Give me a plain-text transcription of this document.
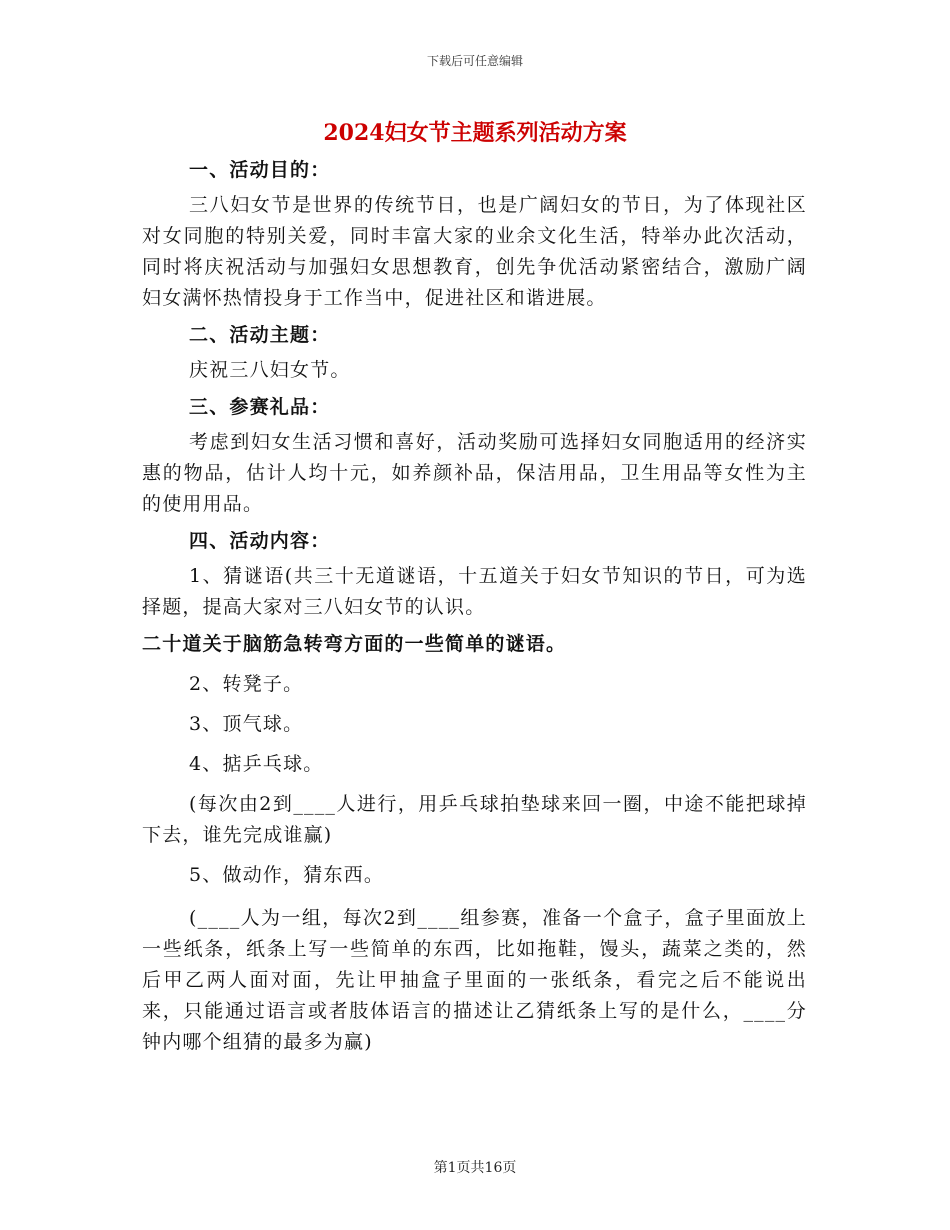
下载后可任意编辑
2024妇女节主题系列活动方案

一、活动目的：

三八妇女节是世界的传统节日，也是广阔妇女的节日，为了体现社区对女同胞的特别关爱，同时丰富大家的业余文化生活，特举办此次活动，同时将庆祝活动与加强妇女思想教育，创先争优活动紧密结合，激励广阔妇女满怀热情投身于工作当中，促进社区和谐进展。

二、活动主题：

庆祝三八妇女节。

三、参赛礼品：

考虑到妇女生活习惯和喜好，活动奖励可选择妇女同胞适用的经济实惠的物品，估计人均十元，如养颜补品，保洁用品，卫生用品等女性为主的使用用品。

四、活动内容：

1、猜谜语(共三十无道谜语，十五道关于妇女节知识的节日，可为选择题，提高大家对三八妇女节的认识。

二十道关于脑筋急转弯方面的一些简单的谜语。

2、转凳子。

3、顶气球。

4、掂乒乓球。

(每次由2到____人进行，用乒乓球拍垫球来回一圈，中途不能把球掉下去，谁先完成谁赢)

5、做动作，猜东西。

(____人为一组，每次2到____组参赛，准备一个盒子，盒子里面放上一些纸条，纸条上写一些简单的东西，比如拖鞋，馒头，蔬菜之类的，然后甲乙两人面对面，先让甲抽盒子里面的一张纸条，看完之后不能说出来，只能通过语言或者肢体语言的描述让乙猜纸条上写的是什么，____分钟内哪个组猜的最多为赢)

第1页共16页
